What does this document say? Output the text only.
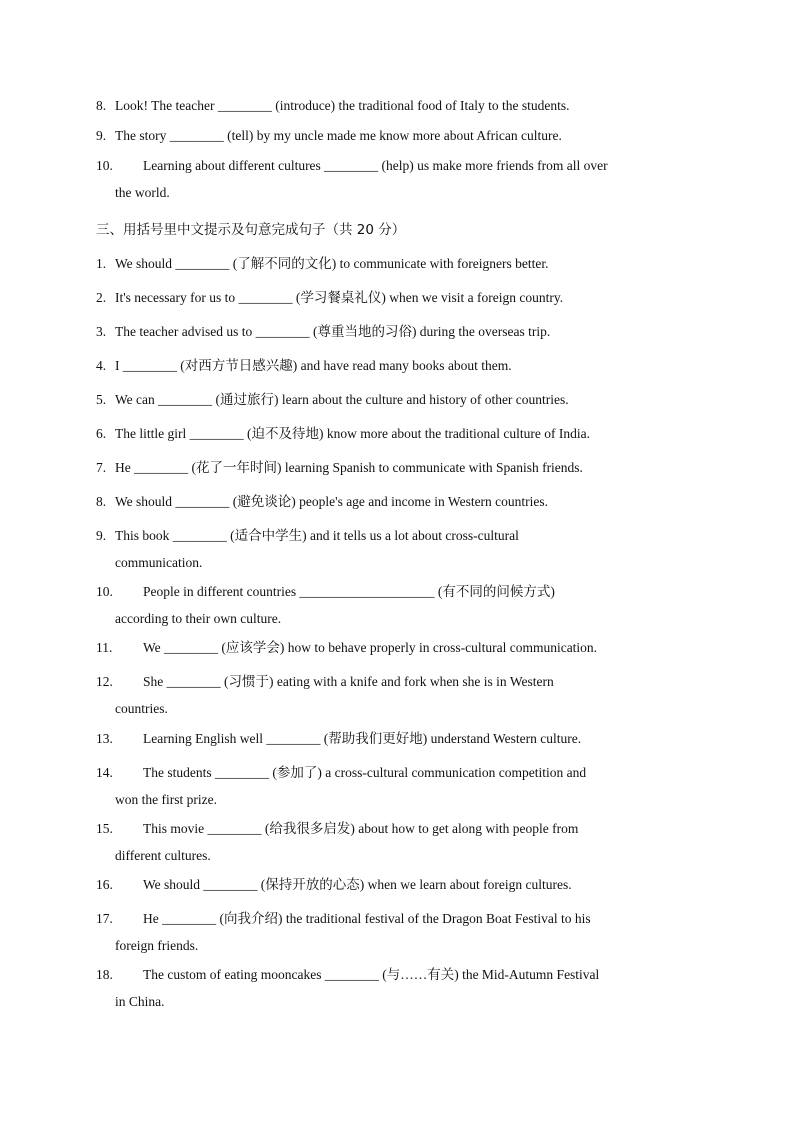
8. Look! The teacher ________ (introduce) the traditional food of Italy to the students.
9. The story ________ (tell) by my uncle made me know more about African culture.
10. Learning about different cultures ________ (help) us make more friends from all over
the world.
三、用括号里中文提示及句意完成句子（共 20 分）
1. We should ________ (了解不同的文化) to communicate with foreigners better.
2. It's necessary for us to ________ (学习餐桌礼仪) when we visit a foreign country.
3. The teacher advised us to ________ (尊重当地的习俗) during the overseas trip.
4. I ________ (对西方节日感兴趣) and have read many books about them.
5. We can ________ (通过旅行) learn about the culture and history of other countries.
6. The little girl ________ (迫不及待地) know more about the traditional culture of India.
7. He ________ (花了一年时间) learning Spanish to communicate with Spanish friends.
8. We should ________ (避免谈论) people's age and income in Western countries.
9. This book ________ (适合中学生) and it tells us a lot about cross-cultural
communication.
10. People in different countries ____________________ (有不同的问候方式)
according to their own culture.
11. We ________ (应该学会) how to behave properly in cross-cultural communication.
12. She ________ (习惯于) eating with a knife and fork when she is in Western
countries.
13. Learning English well ________ (帮助我们更好地) understand Western culture.
14. The students ________ (参加了) a cross-cultural communication competition and
won the first prize.
15. This movie ________ (给我很多启发) about how to get along with people from
different cultures.
16. We should ________ (保持开放的心态) when we learn about foreign cultures.
17. He ________ (向我介绍) the traditional festival of the Dragon Boat Festival to his
foreign friends.
18. The custom of eating mooncakes ________ (与……有关) the Mid-Autumn Festival
in China.
